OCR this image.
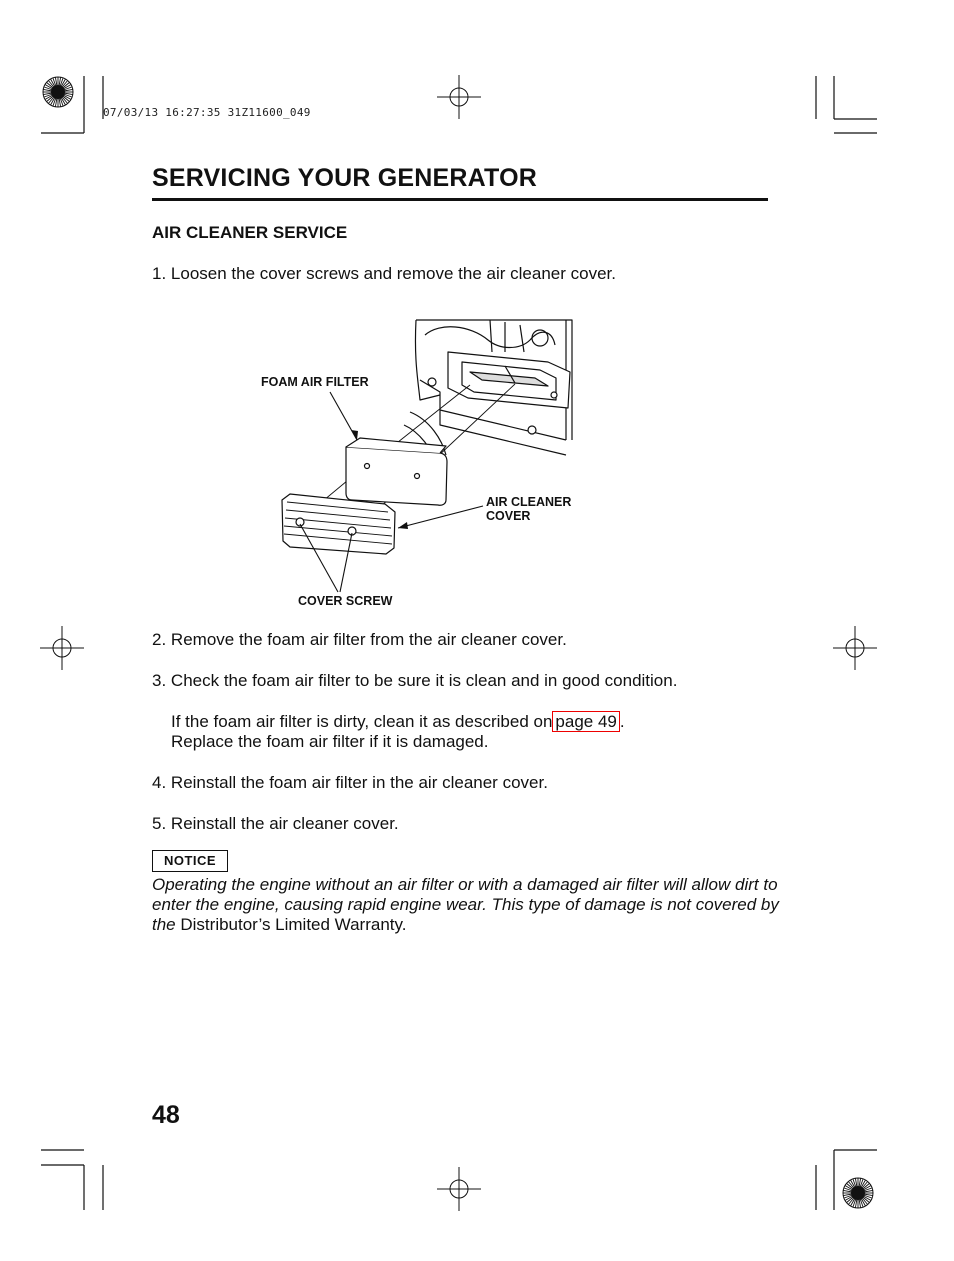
07/03/13 16:27:35 31Z11600_049
SERVICING YOUR GENERATOR
AIR CLEANER SERVICE
1. Loosen the cover screws and remove the air cleaner cover.
FOAM AIR FILTER
AIR CLEANER
COVER
COVER SCREW
2. Remove the foam air filter from the air cleaner cover.
3. Check the foam air filter to be sure it is clean and in good condition.
If the foam air filter is dirty, clean it as described on page 49 .
Replace the foam air filter if it is damaged.
4. Reinstall the foam air filter in the air cleaner cover.
5. Reinstall the air cleaner cover.
NOTICE
Operating the engine without an air filter or with a damaged air filter will allow dirt to enter the engine, causing rapid engine wear. This type of damage is not covered by the Distributor’s Limited Warranty.
48
